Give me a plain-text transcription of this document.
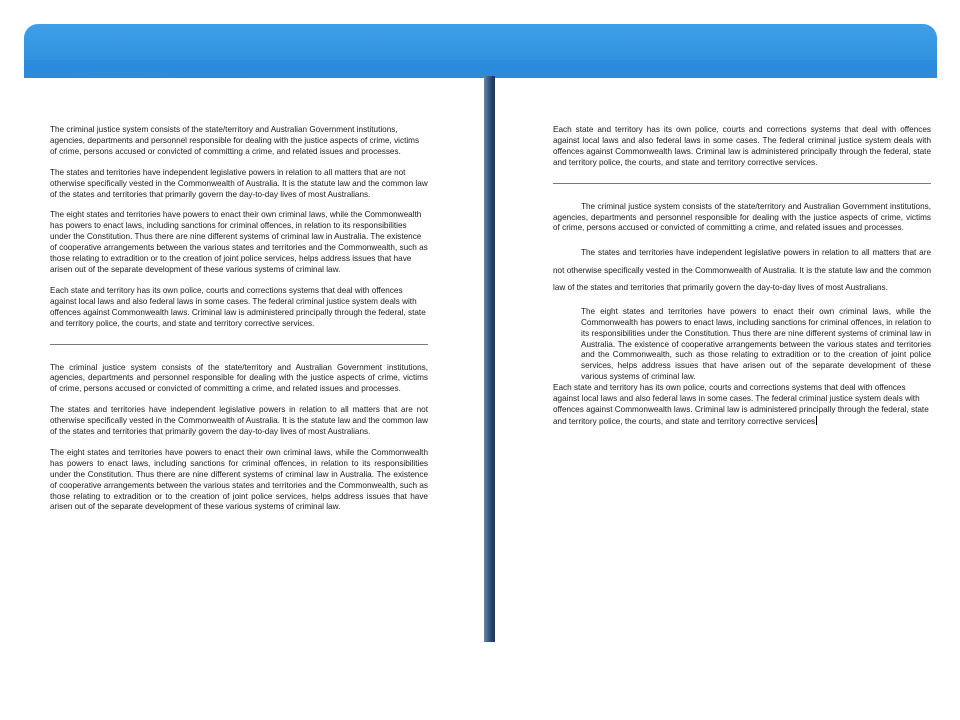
The criminal justice system consists of the state/territory and Australian Government institutions, agencies, departments and personnel responsible for dealing with the justice aspects of crime, victims of crime, persons accused or convicted of committing a crime, and related issues and processes.

The states and territories have independent legislative powers in relation to all matters that are not otherwise specifically vested in the Commonwealth of Australia. It is the statute law and the common law of the states and territories that primarily govern the day-to-day lives of most Australians.

The eight states and territories have powers to enact their own criminal laws, while the Commonwealth has powers to enact laws, including sanctions for criminal offences, in relation to its responsibilities under the Constitution. Thus there are nine different systems of criminal law in Australia. The existence of cooperative arrangements between the various states and territories and the Commonwealth, such as those relating to extradition or to the creation of joint police services, helps address issues that have arisen out of the separate development of these various systems of criminal law.

Each state and territory has its own police, courts and corrections systems that deal with offences against local laws and also federal laws in some cases. The federal criminal justice system deals with offences against Commonwealth laws. Criminal law is administered principally through the federal, state and territory police, the courts, and state and territory corrective services.

The criminal justice system consists of the state/territory and Australian Government institutions, agencies, departments and personnel responsible for dealing with the justice aspects of crime, victims of crime, persons accused or convicted of committing a crime, and related issues and processes.

The states and territories have independent legislative powers in relation to all matters that are not otherwise specifically vested in the Commonwealth of Australia. It is the statute law and the common law of the states and territories that primarily govern the day-to-day lives of most Australians.

The eight states and territories have powers to enact their own criminal laws, while the Commonwealth has powers to enact laws, including sanctions for criminal offences, in relation to its responsibilities under the Constitution. Thus there are nine different systems of criminal law in Australia. The existence of cooperative arrangements between the various states and territories and the Commonwealth, such as those relating to extradition or to the creation of joint police services, helps address issues that have arisen out of the separate development of these various systems of criminal law.

Each state and territory has its own police, courts and corrections systems that deal with offences against local laws and also federal laws in some cases. The federal criminal justice system deals with offences against Commonwealth laws. Criminal law is administered principally through the federal, state and territory police, the courts, and state and territory corrective services.

The criminal justice system consists of the state/territory and Australian Government institutions, agencies, departments and personnel responsible for dealing with the justice aspects of crime, victims of crime, persons accused or convicted of committing a crime, and related issues and processes.

The states and territories have independent legislative powers in relation to all matters that are not otherwise specifically vested in the Commonwealth of Australia. It is the statute law and the common law of the states and territories that primarily govern the day-to-day lives of most Australians.

The eight states and territories have powers to enact their own criminal laws, while the Commonwealth has powers to enact laws, including sanctions for criminal offences, in relation to its responsibilities under the Constitution. Thus there are nine different systems of criminal law in Australia. The existence of cooperative arrangements between the various states and territories and the Commonwealth, such as those relating to extradition or to the creation of joint police services, helps address issues that have arisen out of the separate development of these various systems of criminal law.

Each state and territory has its own police, courts and corrections systems that deal with offences against local laws and also federal laws in some cases. The federal criminal justice system deals with offences against Commonwealth laws. Criminal law is administered principally through the federal, state and territory police, the courts, and state and territory corrective services
